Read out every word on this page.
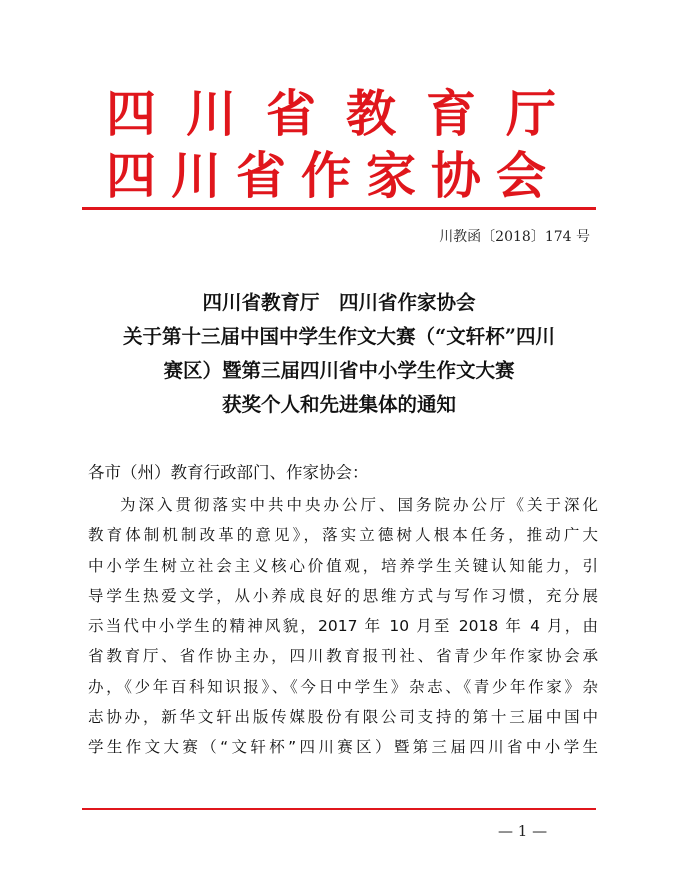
四川省教育厅
四川省作家协会
川教函〔2018〕174 号
四川省教育厅　四川省作家协会
关于第十三届中国中学生作文大赛（“文轩杯”四川
赛区）暨第三届四川省中小学生作文大赛
获奖个人和先进集体的通知
各市（州）教育行政部门、作家协会：
为深入贯彻落实中共中央办公厅、国务院办公厅《关于深化
教育体制机制改革的意见》，落实立德树人根本任务，推动广大
中小学生树立社会主义核心价值观，培养学生关键认知能力，引
导学生热爱文学，从小养成良好的思维方式与写作习惯，充分展
示当代中小学生的精神风貌，2017 年 10 月至 2018 年 4 月，由
省教育厅、省作协主办，四川教育报刊社、省青少年作家协会承
办，《少年百科知识报》、《今日中学生》杂志、《青少年作家》杂
志协办，新华文轩出版传媒股份有限公司支持的第十三届中国中
学生作文大赛（“文轩杯”四川赛区）暨第三届四川省中小学生
— 1 —
